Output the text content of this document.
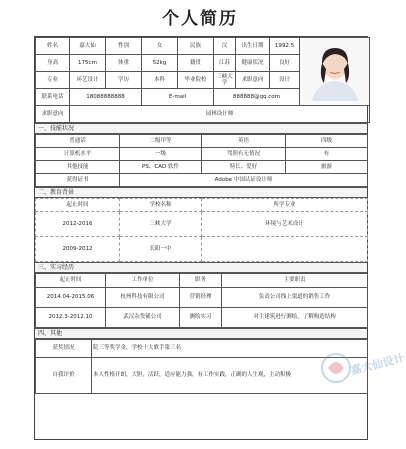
个人简历
姓名	嘉大仙	性别	女	民族	汉	出生日期	1992.5	
身高	175cm	体重	52kg	籍贯	江苏	健康状况	良好	
专业	环艺设计	学历	本科	毕业院校	三峡大学	求职意向	设计	
联系电话	18088888888		E-mail		888888@qq.com			
求职意向	园林设计师							
一、技能状况
普通话	二级甲等	英语	四级
计算机水平	一级	驾照有无情况	有
其他技能	PS、CAD 软件	特长、爱好	旅游
获得证书	Adobe 中国认证设计师		
二、教育背景
起止时间	学校名称	所学专业
2012-2016	三峡大学	环境与艺术设计
2009-2012	长阳一中	
三、实习经历
起止时间	工作单位	职务	主要职责
2014.04-2015.06	杭州科技有限公司	营销经理	负责公司线上渠道的销售工作
2012.3-2012.10	武汉杂货铺公司	测绘实习	对主建筑进行测绘，了解构造结构
四、其他
获奖情况	院三等奖学金，学校十大歌手第三名
自我评价	本人性格开朗，大胆，活跃，适应能力强，有工作实践，正确的人生观，主动积极	嘉大仙设计
